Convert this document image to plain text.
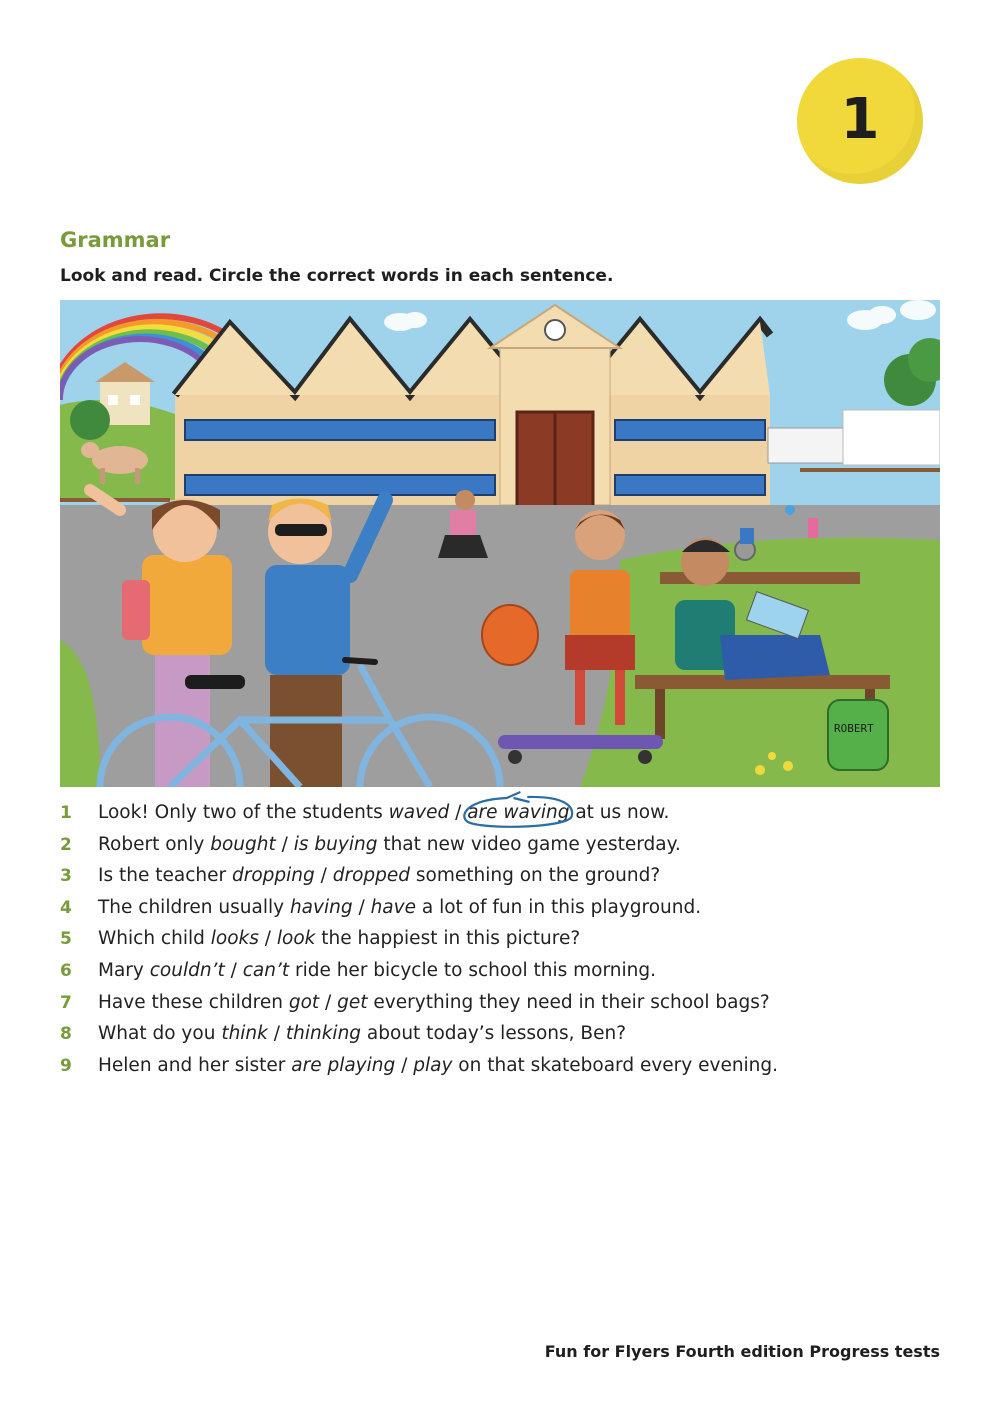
1
Grammar
Look and read. Circle the correct words in each sentence.
ROBERT
1 Look! Only two of the students waved / are waving
at us now.
2 Robert only bought / is buying that new video game yesterday.
3 Is the teacher dropping / dropped something on the ground?
4 The children usually having / have a lot of fun in this playground.
5 Which child looks / look the happiest in this picture?
6 Mary couldn’t / can’t ride her bicycle to school this morning.
7 Have these children got / get everything they need in their school bags?
8 What do you think / thinking about today’s lessons, Ben?
9 Helen and her sister are playing / play on that skateboard every evening.
Fun for Flyers Fourth edition Progress tests
